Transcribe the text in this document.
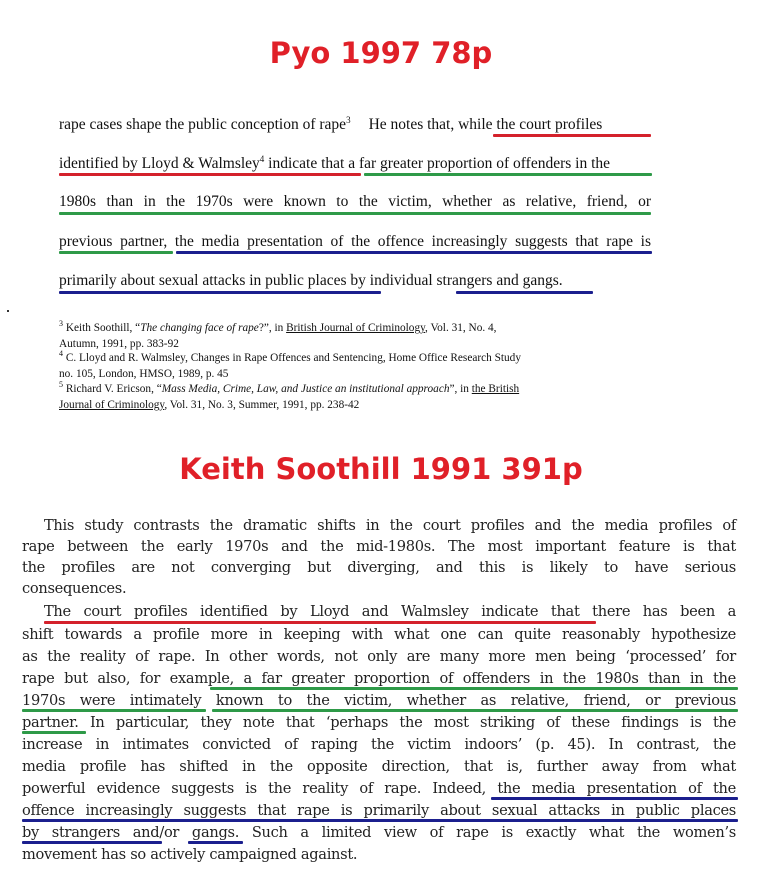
Pyo 1997 78p
rape cases shape the public conception of rape$^3$ He notes that, while the court profiles
identified by Lloyd & Walmsley$^4$ indicate that a far greater proportion of offenders in the
1980s than in the 1970s were known to the victim, whether as relative, friend, or
previous partner, the media presentation of the offence increasingly suggests that rape is
primarily about sexual attacks in public places by individual strangers and gangs.
$^3$ Keith Soothill, “The changing face of rape?”, in British Journal of Criminology, Vol. 31, No. 4,
Autumn, 1991, pp. 383-92
$^4$ C. Lloyd and R. Walmsley, Changes in Rape Offences and Sentencing, Home Office Research Study
no. 105, London, HMSO, 1989, p. 45
$^5$ Richard V. Ericson, “Mass Media, Crime, Law, and Justice an institutional approach”, in the British
Journal of Criminology, Vol. 31, No. 3, Summer, 1991, pp. 238-42
Keith Soothill 1991 391p
This study contrasts the dramatic shifts in the court profiles and the media profiles of
rape between the early 1970s and the mid-1980s. The most important feature is that
the profiles are not converging but diverging, and this is likely to have serious
consequences.
The court profiles identified by Lloyd and Walmsley indicate that there has been a
shift towards a profile more in keeping with what one can quite reasonably hypothesize
as the reality of rape. In other words, not only are many more men being ‘processed’ for
rape but also, for example, a far greater proportion of offenders in the 1980s than in the
1970s were intimately known to the victim, whether as relative, friend, or previous
partner. In particular, they note that ‘perhaps the most striking of these findings is the
increase in intimates convicted of raping the victim indoors’ (p. 45). In contrast, the
media profile has shifted in the opposite direction, that is, further away from what
powerful evidence suggests is the reality of rape. Indeed, the media presentation of the
offence increasingly suggests that rape is primarily about sexual attacks in public places
by strangers and/or gangs. Such a limited view of rape is exactly what the women’s
movement has so actively campaigned against.
